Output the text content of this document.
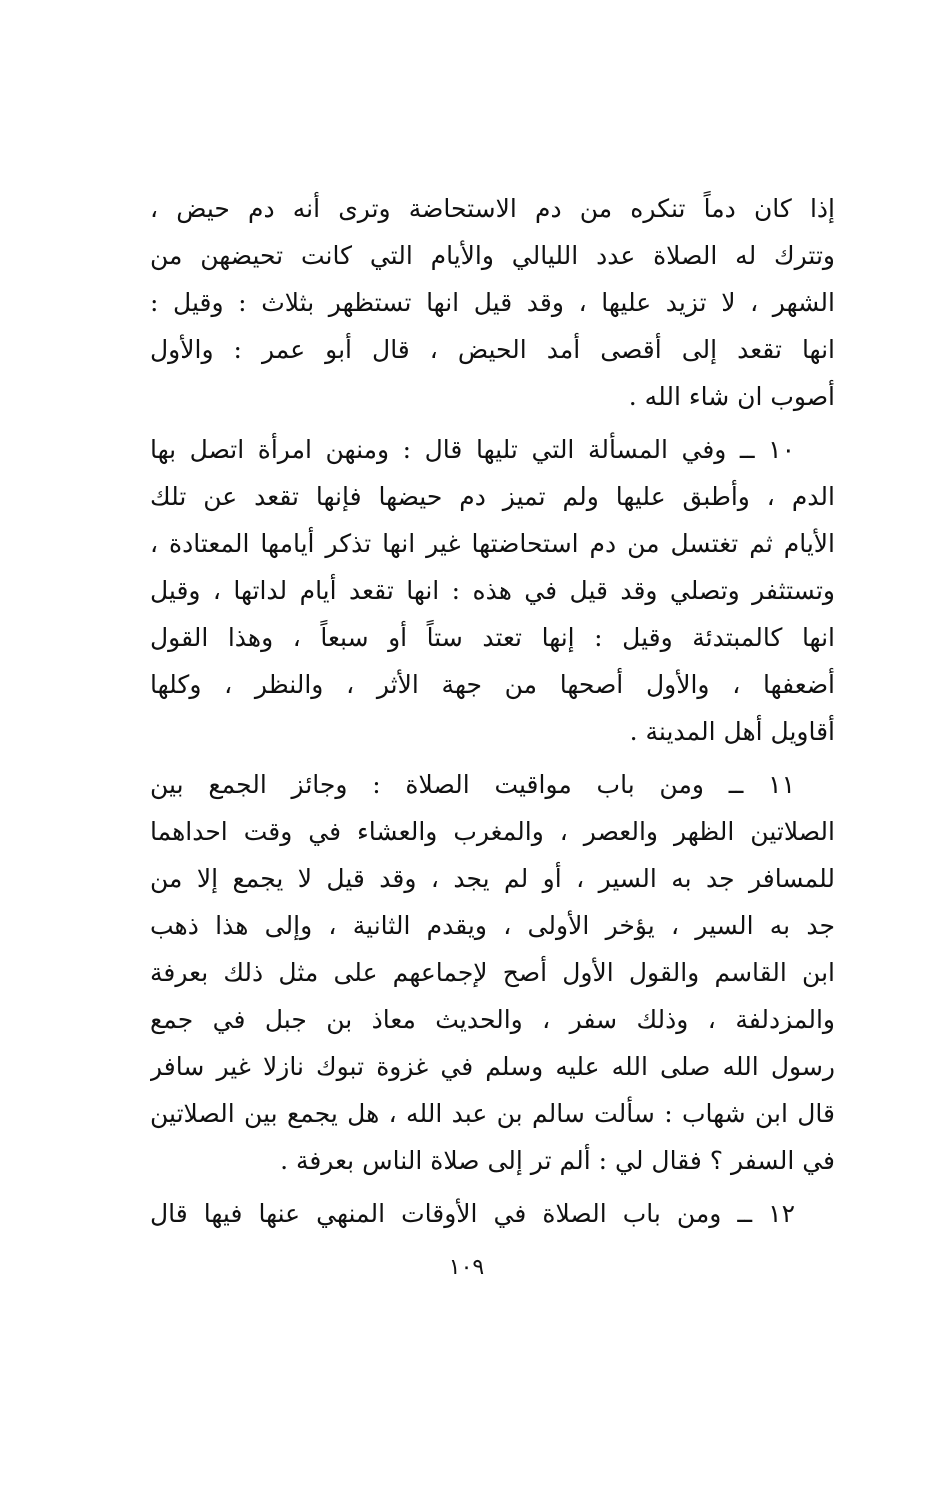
إذا كان دماً تنكره من دم الاستحاضة وترى أنه دم حيض ،
وتترك له الصلاة عدد الليالي والأيام التي كانت تحيضهن من
الشهر ، لا تزيد عليها ، وقد قيل انها تستظهر بثلاث : وقيل :
انها تقعد إلى أقصى أمد الحيض ، قال أبو عمر : والأول
أصوب ان شاء الله .
١٠ ــ وفي المسألة التي تليها قال : ومنهن امرأة اتصل بها
الدم ، وأطبق عليها ولم تميز دم حيضها فإنها تقعد عن تلك
الأيام ثم تغتسل من دم استحاضتها غير انها تذكر أيامها المعتادة ،
وتستثفر وتصلي وقد قيل في هذه : انها تقعد أيام لداتها ، وقيل
انها كالمبتدئة وقيل : إنها تعتد ستاً أو سبعاً ، وهذا القول
أضعفها ، والأول أصحها من جهة الأثر ، والنظر ، وكلها
أقاويل أهل المدينة .
١١ ــ ومن باب مواقيت الصلاة : وجائز الجمع بين
الصلاتين الظهر والعصر ، والمغرب والعشاء في وقت احداهما
للمسافر جد به السير ، أو لم يجد ، وقد قيل لا يجمع إلا من
جد به السير ، يؤخر الأولى ، ويقدم الثانية ، وإلى هذا ذهب
ابن القاسم والقول الأول أصح لإجماعهم على مثل ذلك بعرفة
والمزدلفة ، وذلك سفر ، والحديث معاذ بن جبل في جمع
رسول الله صلى الله عليه وسلم في غزوة تبوك نازلا غير سافر
قال ابن شهاب : سألت سالم بن عبد الله ، هل يجمع بين الصلاتين
في السفر ؟ فقال لي : ألم تر إلى صلاة الناس بعرفة .
١٢ ــ ومن باب الصلاة في الأوقات المنهي عنها فيها قال
١٠٩
